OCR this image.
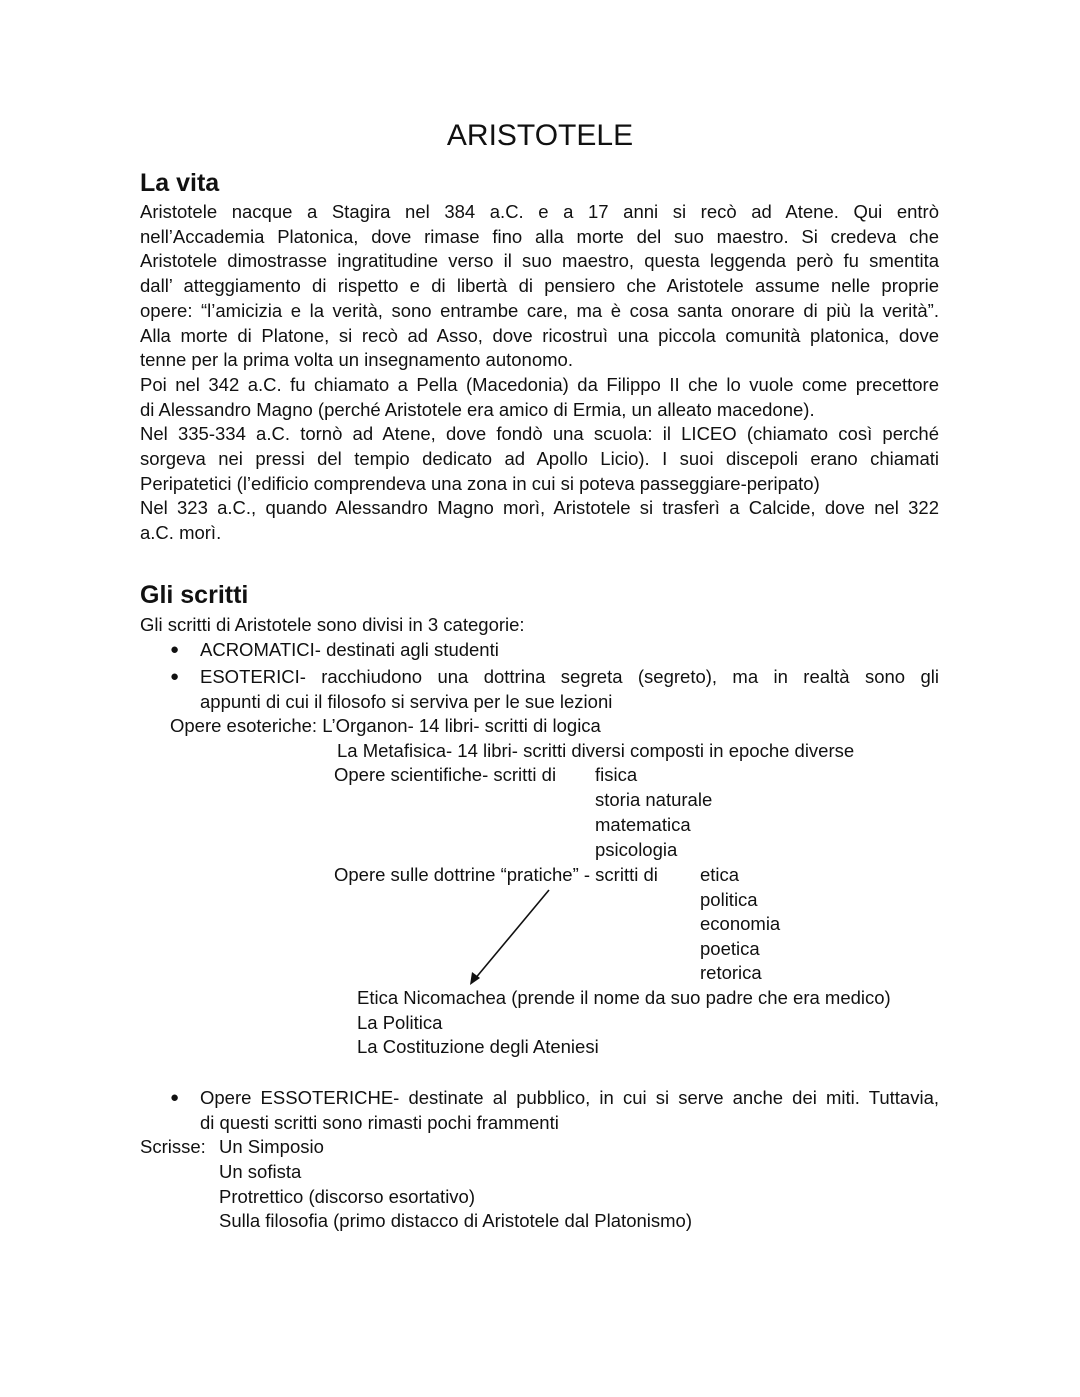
ARISTOTELE
La vita
Aristotele nacque a Stagira nel 384 a.C. e a 17 anni si recò ad Atene. Qui entrò
nell’Accademia Platonica, dove rimase fino alla morte del suo maestro. Si credeva che
Aristotele dimostrasse ingratitudine verso il suo maestro, questa leggenda però fu smentita
dall’ atteggiamento di rispetto e di libertà di pensiero che Aristotele assume nelle proprie
opere: “l’amicizia e la verità, sono entrambe care, ma è cosa santa onorare di più la verità”.
Alla morte di Platone, si recò ad Asso, dove ricostruì una piccola comunità platonica, dove
tenne per la prima volta un insegnamento autonomo.
Poi nel 342 a.C. fu chiamato a Pella (Macedonia) da Filippo II che lo vuole come precettore
di Alessandro Magno (perché Aristotele era amico di Ermia, un alleato macedone).
Nel 335-334 a.C. tornò ad Atene, dove fondò una scuola: il LICEO (chiamato così perché
sorgeva nei pressi del tempio dedicato ad Apollo Licio). I suoi discepoli erano chiamati
Peripatetici (l’edificio comprendeva una zona in cui si poteva passeggiare-peripato)
Nel 323 a.C., quando Alessandro Magno morì, Aristotele si trasferì a Calcide, dove nel 322
a.C. morì.
Gli scritti
Gli scritti di Aristotele sono divisi in 3 categorie:
● ACROMATICI- destinati agli studenti
● ESOTERICI- racchiudono una dottrina segreta (segreto), ma in realtà sono gli
appunti di cui il filosofo si serviva per le sue lezioni
Opere esoteriche: L’Organon- 14 libri- scritti di logica
La Metafisica- 14 libri- scritti diversi composti in epoche diverse
Opere scientifiche- scritti di fisica
storia naturale
matematica
psicologia
Opere sulle dottrine “pratiche” - scritti di etica
politica
economia
poetica
retorica
Etica Nicomachea (prende il nome da suo padre che era medico)
La Politica
La Costituzione degli Ateniesi
● Opere ESSOTERICHE- destinate al pubblico, in cui si serve anche dei miti. Tuttavia,
di questi scritti sono rimasti pochi frammenti
Scrisse: Un Simposio
Un sofista
Protrettico (discorso esortativo)
Sulla filosofia (primo distacco di Aristotele dal Platonismo)
